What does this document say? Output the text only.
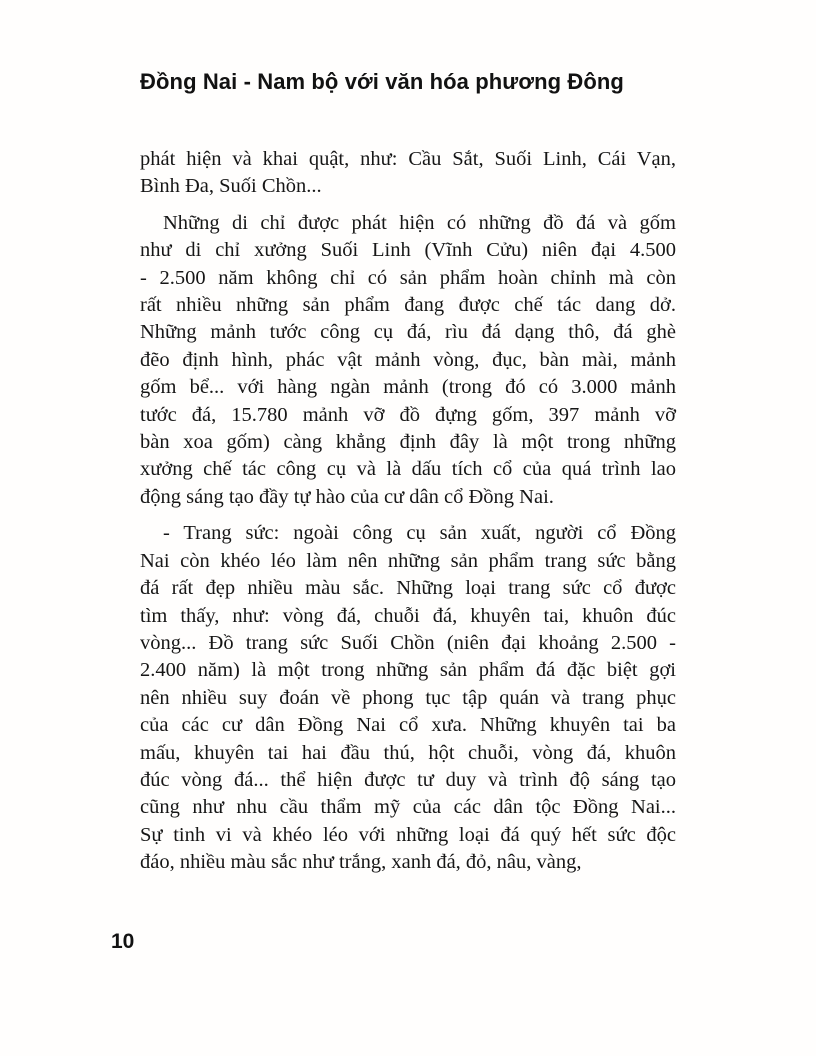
Đồng Nai - Nam bộ với văn hóa phương Đông
phát hiện và khai quật, như: Cầu Sắt, Suối Linh, Cái Vạn,
Bình Đa, Suối Chồn...
Những di chỉ được phát hiện có những đồ đá và gốm
như di chỉ xưởng Suối Linh (Vĩnh Cửu) niên đại 4.500
- 2.500 năm không chỉ có sản phẩm hoàn chỉnh mà còn
rất nhiều những sản phẩm đang được chế tác dang dở.
Những mảnh tước công cụ đá, rìu đá dạng thô, đá ghè
đẽo định hình, phác vật mảnh vòng, đục, bàn mài, mảnh
gốm bể... với hàng ngàn mảnh (trong đó có 3.000 mảnh
tước đá, 15.780 mảnh vỡ đồ đựng gốm, 397 mảnh vỡ
bàn xoa gốm) càng khẳng định đây là một trong những
xưởng chế tác công cụ và là dấu tích cổ của quá trình lao
động sáng tạo đầy tự hào của cư dân cổ Đồng Nai.
- Trang sức: ngoài công cụ sản xuất, người cổ Đồng
Nai còn khéo léo làm nên những sản phẩm trang sức bằng
đá rất đẹp nhiều màu sắc. Những loại trang sức cổ được
tìm thấy, như: vòng đá, chuỗi đá, khuyên tai, khuôn đúc
vòng... Đồ trang sức Suối Chồn (niên đại khoảng 2.500 -
2.400 năm) là một trong những sản phẩm đá đặc biệt gợi
nên nhiều suy đoán về phong tục tập quán và trang phục
của các cư dân Đồng Nai cổ xưa. Những khuyên tai ba
mấu, khuyên tai hai đầu thú, hột chuỗi, vòng đá, khuôn
đúc vòng đá... thể hiện được tư duy và trình độ sáng tạo
cũng như nhu cầu thẩm mỹ của các dân tộc Đồng Nai...
Sự tinh vi và khéo léo với những loại đá quý hết sức độc
đáo, nhiều màu sắc như trắng, xanh đá, đỏ, nâu, vàng,
10
